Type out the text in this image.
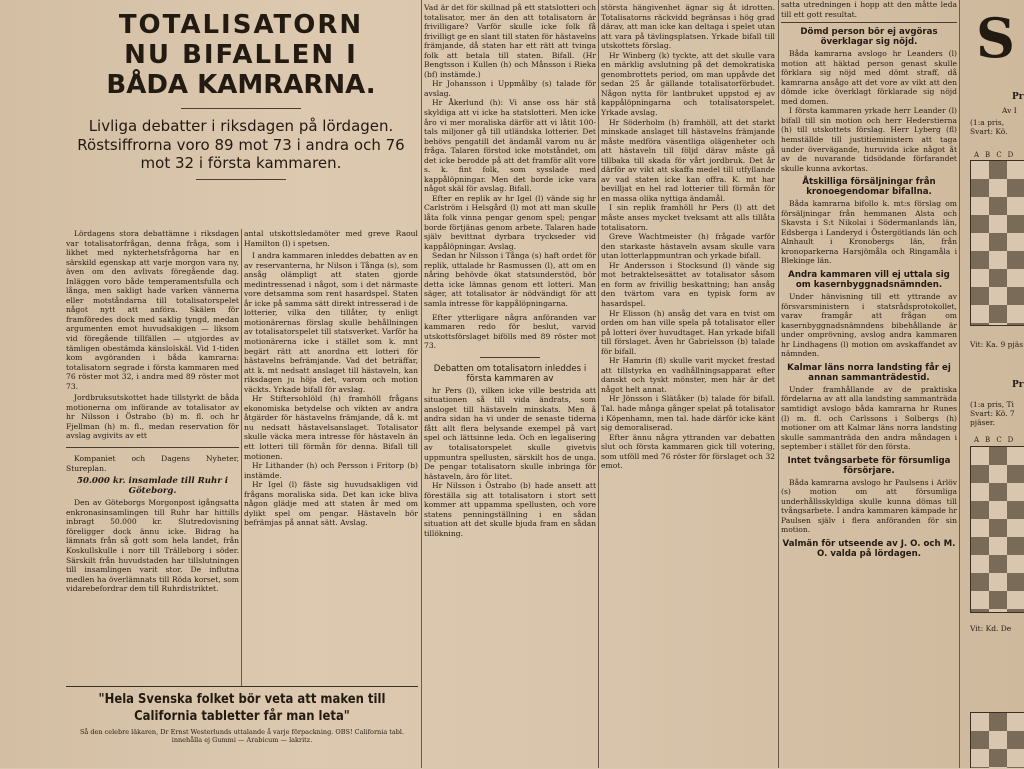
TOTALISATORN
NU BIFALLEN I
BÅDA KAMRARNA.
Livliga debatter i riksdagen på lördagen. Röstsiffrorna voro 89 mot 73 i andra och 76 mot 32 i första kammaren.

Lördagens stora debattämne i riksdagen var totalisatorfrågan, denna fråga, som i likhet med nykterhetsfrågorna har en särskild egenskap att varje morgon vara ny, även om den avlivats föregående dag. Inläggen voro både temperamentsfulla och långa, men sakligt hade varken vännerna eller motståndarna till totalisatorspelet något nytt att anföra. Skälen för framföredes dock med saklig tyngd, medan argumenten emot huvudsakigen — liksom vid föregående tillfällen — utgjordes av tämligen obestämda känslolskäl. Vid 1-tiden kom avgöranden i båda kamrarna: totalisatorn segrade i första kammaren med 76 röster mot 32, i andra med 89 röster mot 73.

Jordbruksutskottet hade tillstyrkt de båda motionerna om införande av totalisator av hr Nilsson i Östrabo (b) m. fl. och hr Fjellman (h) m. fl., medan reservation för avslag avgivits av ett

Kompaniet och Dagens Nyheter, Stureplan.

50.000 kr. insamlade till Ruhr i Göteborg.

Den av Göteborgs Morgonpost igångsatta enkronasinsamlingen till Ruhr har hittills inbragt 50.000 kr. Slutredovisning föreligger dock ännu icke. Bidrag ha lämnats från så gott som hela landet, från Koskullskulle i norr till Trälleborg i söder. Särskilt från huvudstaden har tillslutningen till insamlingen varit stor. De influtna medlen ha överlämnats till Röda korset, som vidarebefordrar dem till Ruhrdistriktet.

antal utskottsledamöter med greve Raoul Hamilton (l) i spetsen.

I andra kammaren inleddes debatten av en av reservanterna, hr Nilson i Tånga (s), som ansåg olämpligt att staten gjorde medintressenad i något, som i det närmaste vore detsamma som rent hasardspel. Staten år icke på samma sätt direkt intresserad i de lotterier, vilka den tillåter, ty enligt motionärernas förslag skulle behållningen av totalisatorspelet till statsverket. Varför ha motionärerna icke i stället som k. mnt begärt rätt att anordna ett lotteri för hästavelns befrämjande. Vad det beträffar, att k. mt nedsatt anslaget till hästaveln, kan riksdagen ju höja det, varom och motion väckts. Yrkade bifall för avslag.

Hr Stiftersohlöld (h) framhöll frågans ekonomiska betydelse och vikten av andra åtgärder för hästavelns främjande, då k. mt nu nedsatt hästavelsanslaget. Totalisator skulle väcka mera intresse för hästaveln än ett lotteri till förmån för denna. Bifall till motionen.

Hr Lithander (h) och Persson i Fritorp (b) instämde.

Hr Igel (l) fäste sig huvudsakligen vid frågans moraliska sida. Det kan icke bliva någon glädje med att staten år med om dylikt spel om pengar. Hästaveln bör befrämjas på annat sätt. Avslag.

"Hela Svenska folket bör veta att maken till California tabletter får man leta"
Så den celebre läkaren, Dr Ernst Westerlunds uttalande å varje förpackning. OBS! California tabl. innehålla ej Gummi — Arabicum — lakritz.

Vad är det för skillnad på ett statslotteri och totalisator, mer än den att totalisatorn är frivilligare? Varför skulle icke folk få frivilligt ge en slant till staten för hästavelns främjande, då staten har ett rätt att tvinga folk att betala till staten. Bifall. (Hr Bengtsson i Kullen (h) och Månsson i Rieka (bf) instämde.)

Hr Johansson i Uppmålby (s) talade för avslag.

Hr Åkerlund (h): Vi anse oss här stå skyldiga att vi icke ha statslotteri. Men icke åro vi mer moraliska därför att vi låtit 100-tals miljoner gå till utländska lotterier. Det behövs pengatill det ändamål varom nu är fråga. Talaren förstod icke motståndet, om det icke berodde på att det framför allt vore s. k. fint folk, som sysslade med kappålöpningar. Men det borde icke vara något skäl för avslag. Bifall.

Efter en replik av hr Igel (l) vände sig hr Carlström i Helsgård (l) mot att man skulle låta folk vinna pengar genom spel; pengar borde förtjänas genom arbete. Talaren hade själv bevittnat dyrbara tryckseder vid kappålöpningar. Avslag.

Sedan hr Nilsson i Tånga (s) haft ordet för replik, uttalade hr Rasmussen (l), att om en nåring behövde ökat statsunderstöd, bör detta icke lämnas genom ett lotteri. Man säger, att totalisator är nödvändigt för att samla intresse för kappålöpningarna.

Efter ytterligare några anföranden var kammaren redo för beslut, varvid utskottsförslaget bifölls med 89 röster mot 73.

Debatten om totalisatorn inleddes i första kammaren av

hr Pers (l), vilken icke ville bestrida att situationen så till vida ändrats, som ansloget till hästaveln minskats. Men å andra sidan ha vi under de senaste tiderna fått allt flera belysande exempel på vart spel och lättsinne leda. Och en legalisering av totalisatorspelet skulle givetvis uppmuntra spellusten, särskilt hos de unga. De pengar totalisatorn skulle inbringa för hästaveln, äro för litet.

Hr Nilsson i Östrabo (b) hade ansett att föreställa sig att totalisatorn i stort sett kommer att uppamma spellusten, och vore statens penningställning i en sådan situation att det skulle bjuda fram en sådan tillökning.

största hängivenhet ägnar sig åt idrotten. Totalisatorns räckvidd begränsas i hög grad därav, att man icke kan deltaga i spelet utan att vara på tävlingsplatsen. Yrkade bifall till utskottets förslag.

Hr Winberg (k) tyckte, att det skulle vara en märklig avslutning på det demokratiska genombrottets period, om man uppåvde det sedan 25 år gällande totalisatorförbudet. Någon nytta för lantbruket uppstod ej av kappålöpningarna och totalisatorspelet. Yrkade avslag.

Hr Söderholm (h) framhöll, att det starkt minskade anslaget till hästavelns främjande måste medföra väsentliga olägenheter och att hästaveln till följd därav måste gå tillbaka till skada för vårt jordbruk. Det år därför av vikt att skaffa medel till utfyllande av vad staten icke kan offra. K. mt har bevilljat en hel rad lotterier till förmån för en massa olika nyttiga ändamål.

I sin replik framhöll hr Pers (l) att det måste anses mycket tveksamt att alls tillåta totalisatorn.

Greve Wachtmeister (h) frågade varför den starkaste hästaveln avsam skulle vara utan lotterlappmuntran och yrkade bifall.

Hr Andersson i Stocksund (l) vände sig mot betraktelsesättet av totalisator såsom en form av frivillig beskattning; han ansåg den tvärtom vara en typisk form av hasardspel.

Hr Elisson (h) ansåg det vara en tvist om orden om han ville spela på totalisator eller på lotteri över huvudtaget. Han yrkade bifall till förslaget. Även hr Gabrielsson (b) talade för bifall.

Hr Hamrin (fl) skulle varit mycket frestad att tillstyrka en vadhållningsapparat efter danskt och tyskt mönster, men här är det något helt annat.

Hr Jönsson i Slätåker (b) talade för bifall. Tal. hade många gånger spelat på totalisator i Köpenhamn, men tal. hade därför icke känt sig demoraliserad.

Efter ännu några yttranden var debatten slut och första kammaren gick till votering, som utföll med 76 röster för förslaget och 32 emot.

satta utredningen i hopp att den måtte leda till ett gott resultat.

Dömd person bör ej avgöras överklagar sig nöjd.

Båda kamrarna avslogo hr Leanders (l) motion att häktad person genast skulle förklara sig nöjd med dömt straff, då kamrarna ansågo att det vore av vikt att den dömde icke överklagt förklarade sig nöjd med domen.

I första kammaren yrkade herr Leander (l) bifall till sin motion och herr Hederstierna (h) till utskottets förslag. Herr Lyberg (fl) hemställde till justitieministern att taga under övervägande, huruvida icke något åt av de nuvarande tidsödande förfarandet skulle kunna avkortas.

Åtskilliga försäljningar från kronoegendomar bifallna.

Båda kamrarna bifollo k. mt:s förslag om försäljningar från hemmanen Alsta och Skavsta i S:t Nikolai i Södermanlands län, Edsberga i Landeryd i Östergötlands län och Alnhault i Kronobergs län, från kronoparkerna Harsjömåla och Ringamåla i Blekinge län.

Andra kammaren vill ej uttala sig om kasernbyggnadsnämnden.

Under hänvisning till ett yttrande av försvarsministern i statsrådsprotokollet, varav framgår att frågan om kasernbyggnadsnämndens bibehållande är under omprövning, avslog andra kammaren hr Lindhagens (l) motion om avskaffandet av nämnden.

Kalmar läns norra landsting får ej annan sammanträdestid.

Under framhållande av de praktiska fördelarna av att alla landsting sammanträda samtidigt avslogo båda kamrarna hr Runes (l) m. fl. och Carlssons i Solbergs (h) motioner om att Kalmar läns norra landsting skulle sammanträda den andra måndagen i september i stället för den första.

Intet tvångsarbete för försumliga försörjare.

Båda kamrarna avslogo hr Paulsens i Arlöv (s) motion om att försumliga underhållsskyldiga skulle kunna dömas till tvångsarbete. I andra kammaren kämpade hr Paulsen själv i flera anföranden för sin motion.

Valmän för utseende av J. O. och M. O. valda på lördagen.
S
Pr
Av I
(1:a pris, Svart: Kö.
ABCD
Vit: Ka. 9 pjäs
Pr
(1:a pris, Ti Svart: Kö. 7 pjäser.
ABCD
Vit: Kd. De
